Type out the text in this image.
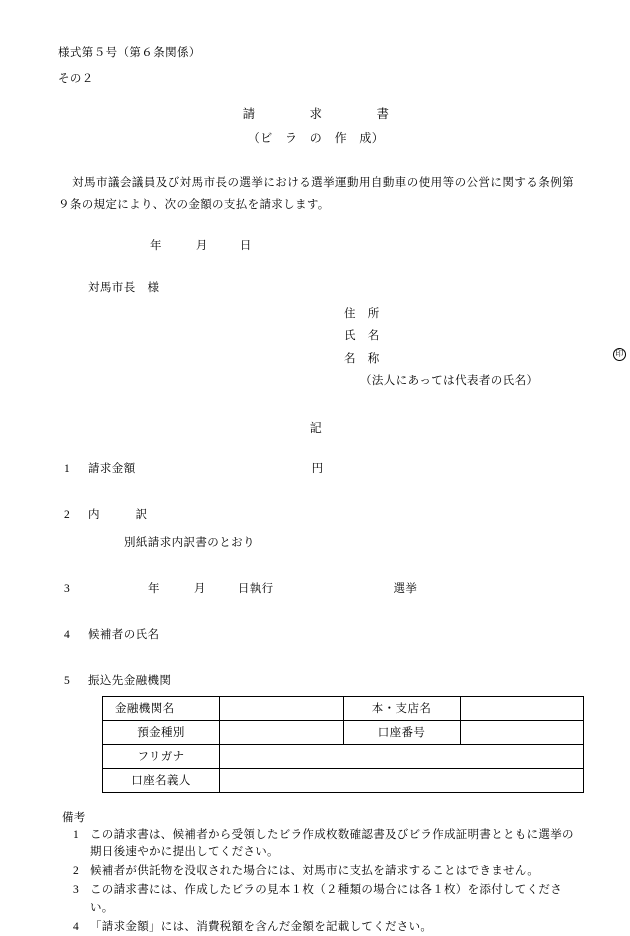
様式第５号（第６条関係）
その２
請	求	書
（ビ　ラ　の　作　成）
対馬市議会議員及び対馬市長の選挙における選挙運動用自動車の使用等の公営に関する条例第９条の規定により、次の金額の支払を請求します。
年	月	日
対馬市長　様
住　所
氏　名
名　称	印
（法人にあっては代表者の氏名）
記
1 請求金額	円
2 内　　　訳
別紙請求内訳書のとおり
3	年	月	日執行	選挙
4 候補者の氏名
5 振込先金融機関
金融機関名		本・支店名	
預金種別		口座番号	
フリガナ			
口座名義人			
備考
1 この請求書は、候補者から受領したビラ作成枚数確認書及びビラ作成証明書とともに選挙の期日後速やかに提出してください。
2 候補者が供託物を没収された場合には、対馬市に支払を請求することはできません。
3 この請求書には、作成したビラの見本１枚（２種類の場合には各１枚）を添付してください。
4 「請求金額」には、消費税額を含んだ金額を記載してください。
